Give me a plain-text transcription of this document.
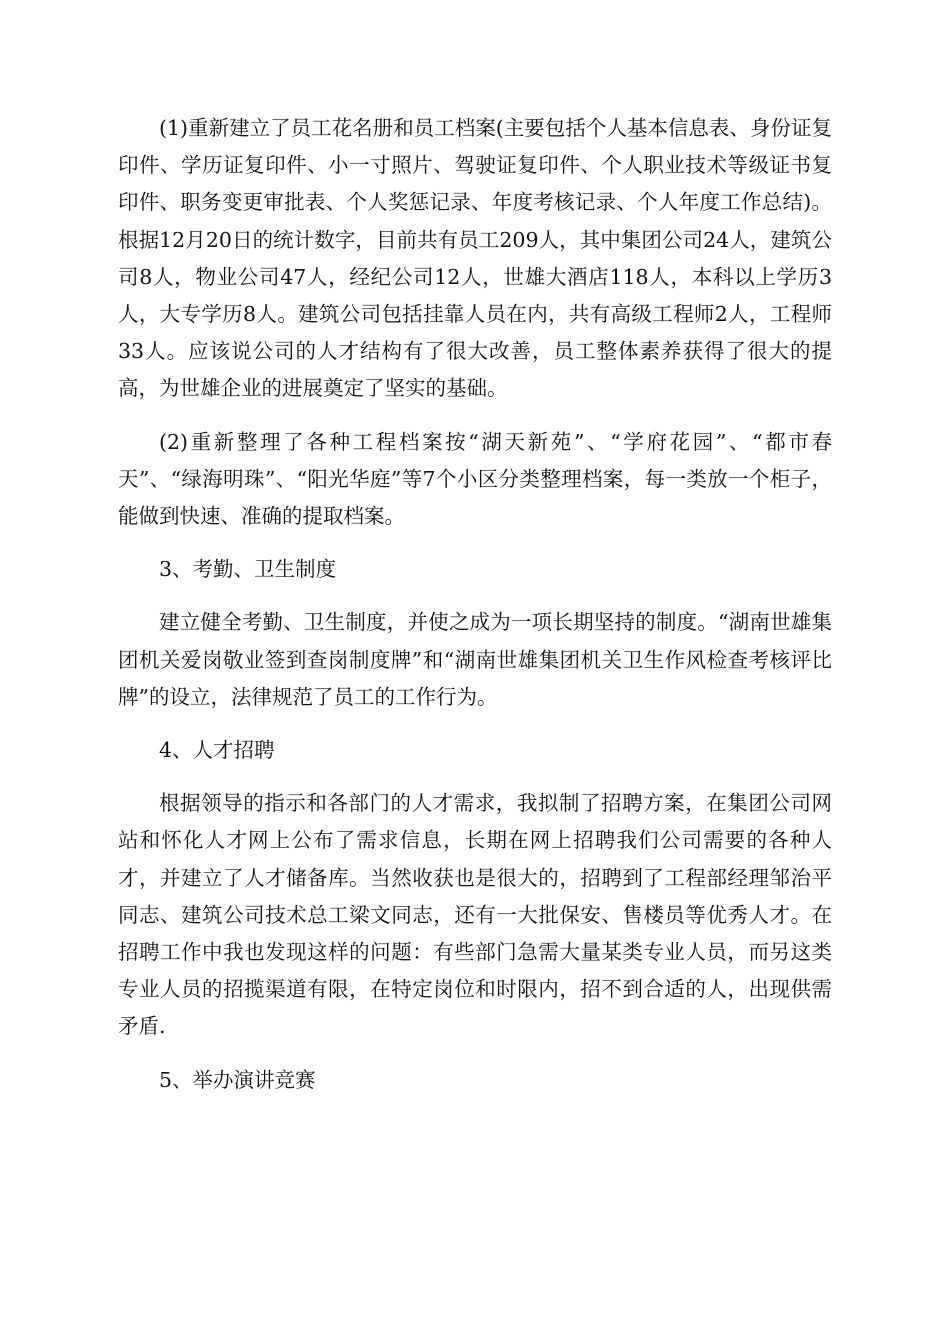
(1)重新建立了员工花名册和员工档案(主要包括个人基本信息表、身份证复印件、学历证复印件、小一寸照片、驾驶证复印件、个人职业技术等级证书复印件、职务变更审批表、个人奖惩记录、年度考核记录、个人年度工作总结)。根据12月20日的统计数字，目前共有员工209人，其中集团公司24人，建筑公司8人，物业公司47人，经纪公司12人，世雄大酒店118人，本科以上学历3人，大专学历8人。建筑公司包括挂靠人员在内，共有高级工程师2人，工程师33人。应该说公司的人才结构有了很大改善，员工整体素养获得了很大的提高，为世雄企业的进展奠定了坚实的基础。

(2)重新整理了各种工程档案按“湖天新苑”、“学府花园”、“都市春天”、“绿海明珠”、“阳光华庭”等7个小区分类整理档案，每一类放一个柜子，能做到快速、准确的提取档案。

3、考勤、卫生制度

建立健全考勤、卫生制度，并使之成为一项长期坚持的制度。“湖南世雄集团机关爱岗敬业签到查岗制度牌”和“湖南世雄集团机关卫生作风检查考核评比牌”的设立，法律规范了员工的工作行为。

4、人才招聘

根据领导的指示和各部门的人才需求，我拟制了招聘方案，在集团公司网站和怀化人才网上公布了需求信息，长期在网上招聘我们公司需要的各种人才，并建立了人才储备库。当然收获也是很大的，招聘到了工程部经理邹治平同志、建筑公司技术总工梁文同志，还有一大批保安、售楼员等优秀人才。在招聘工作中我也发现这样的问题：有些部门急需大量某类专业人员，而另这类专业人员的招揽渠道有限，在特定岗位和时限内，招不到合适的人，出现供需矛盾.

5、举办演讲竞赛
